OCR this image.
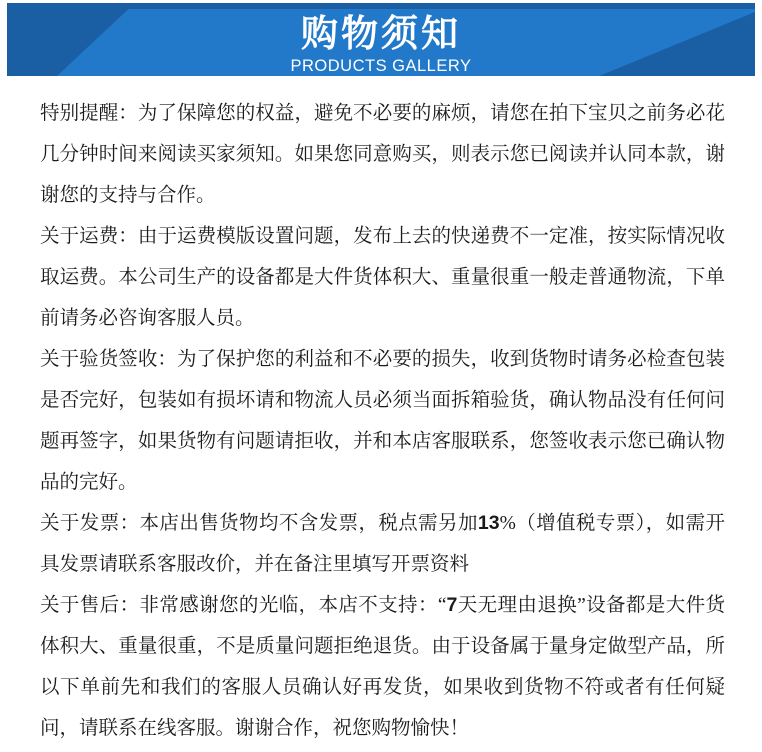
购物须知
PRODUCTS GALLERY

特别提醒：为了保障您的权益，避免不必要的麻烦，请您在拍下宝贝之前务必花几分钟时间来阅读买家须知。如果您同意购买，则表示您已阅读并认同本款，谢谢您的支持与合作。

关于运费：由于运费模版设置问题，发布上去的快递费不一定准，按实际情况收取运费。本公司生产的设备都是大件货体积大、重量很重一般走普通物流，下单前请务必咨询客服人员。

关于验货签收：为了保护您的利益和不必要的损失，收到货物时请务必检查包装是否完好，包装如有损坏请和物流人员必须当面拆箱验货，确认物品没有任何问题再签字，如果货物有问题请拒收，并和本店客服联系，您签收表示您已确认物品的完好。

关于发票：本店出售货物均不含发票，税点需另加13%（增值税专票），如需开具发票请联系客服改价，并在备注里填写开票资料

关于售后：非常感谢您的光临，本店不支持：“7天无理由退换”设备都是大件货体积大、重量很重，不是质量问题拒绝退货。由于设备属于量身定做型产品，所以下单前先和我们的客服人员确认好再发货，如果收到货物不符或者有任何疑问，请联系在线客服。谢谢合作，祝您购物愉快！
